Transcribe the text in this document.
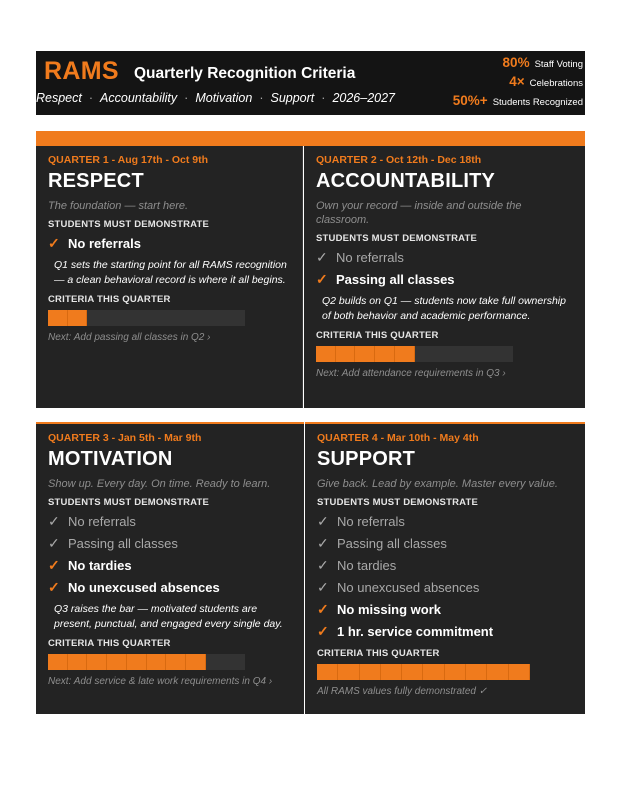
RAMS Quarterly Recognition Criteria
Respect · Accountability · Motivation · Support · 2026–2027
80% Staff Voting
4× Celebrations
50%+ Students Recognized
QUARTER 1 - Aug 17th - Oct 9th
RESPECT
The foundation — start here.
STUDENTS MUST DEMONSTRATE
✓ No referrals
Q1 sets the starting point for all RAMS recognition — a clean behavioral record is where it all begins.
CRITERIA THIS QUARTER
Next: Add passing all classes in Q2 ›
QUARTER 2 - Oct 12th - Dec 18th
ACCOUNTABILITY
Own your record — inside and outside the classroom.
STUDENTS MUST DEMONSTRATE
✓ No referrals
✓ Passing all classes
Q2 builds on Q1 — students now take full ownership of both behavior and academic performance.
CRITERIA THIS QUARTER
Next: Add attendance requirements in Q3 ›
QUARTER 3 - Jan 5th - Mar 9th
MOTIVATION
Show up. Every day. On time. Ready to learn.
STUDENTS MUST DEMONSTRATE
✓ No referrals
✓ Passing all classes
✓ No tardies
✓ No unexcused absences
Q3 raises the bar — motivated students are present, punctual, and engaged every single day.
CRITERIA THIS QUARTER
Next: Add service & late work requirements in Q4 ›
QUARTER 4 - Mar 10th - May 4th
SUPPORT
Give back. Lead by example. Master every value.
STUDENTS MUST DEMONSTRATE
✓ No referrals
✓ Passing all classes
✓ No tardies
✓ No unexcused absences
✓ No missing work
✓ 1 hr. service commitment
CRITERIA THIS QUARTER
All RAMS values fully demonstrated ✓
